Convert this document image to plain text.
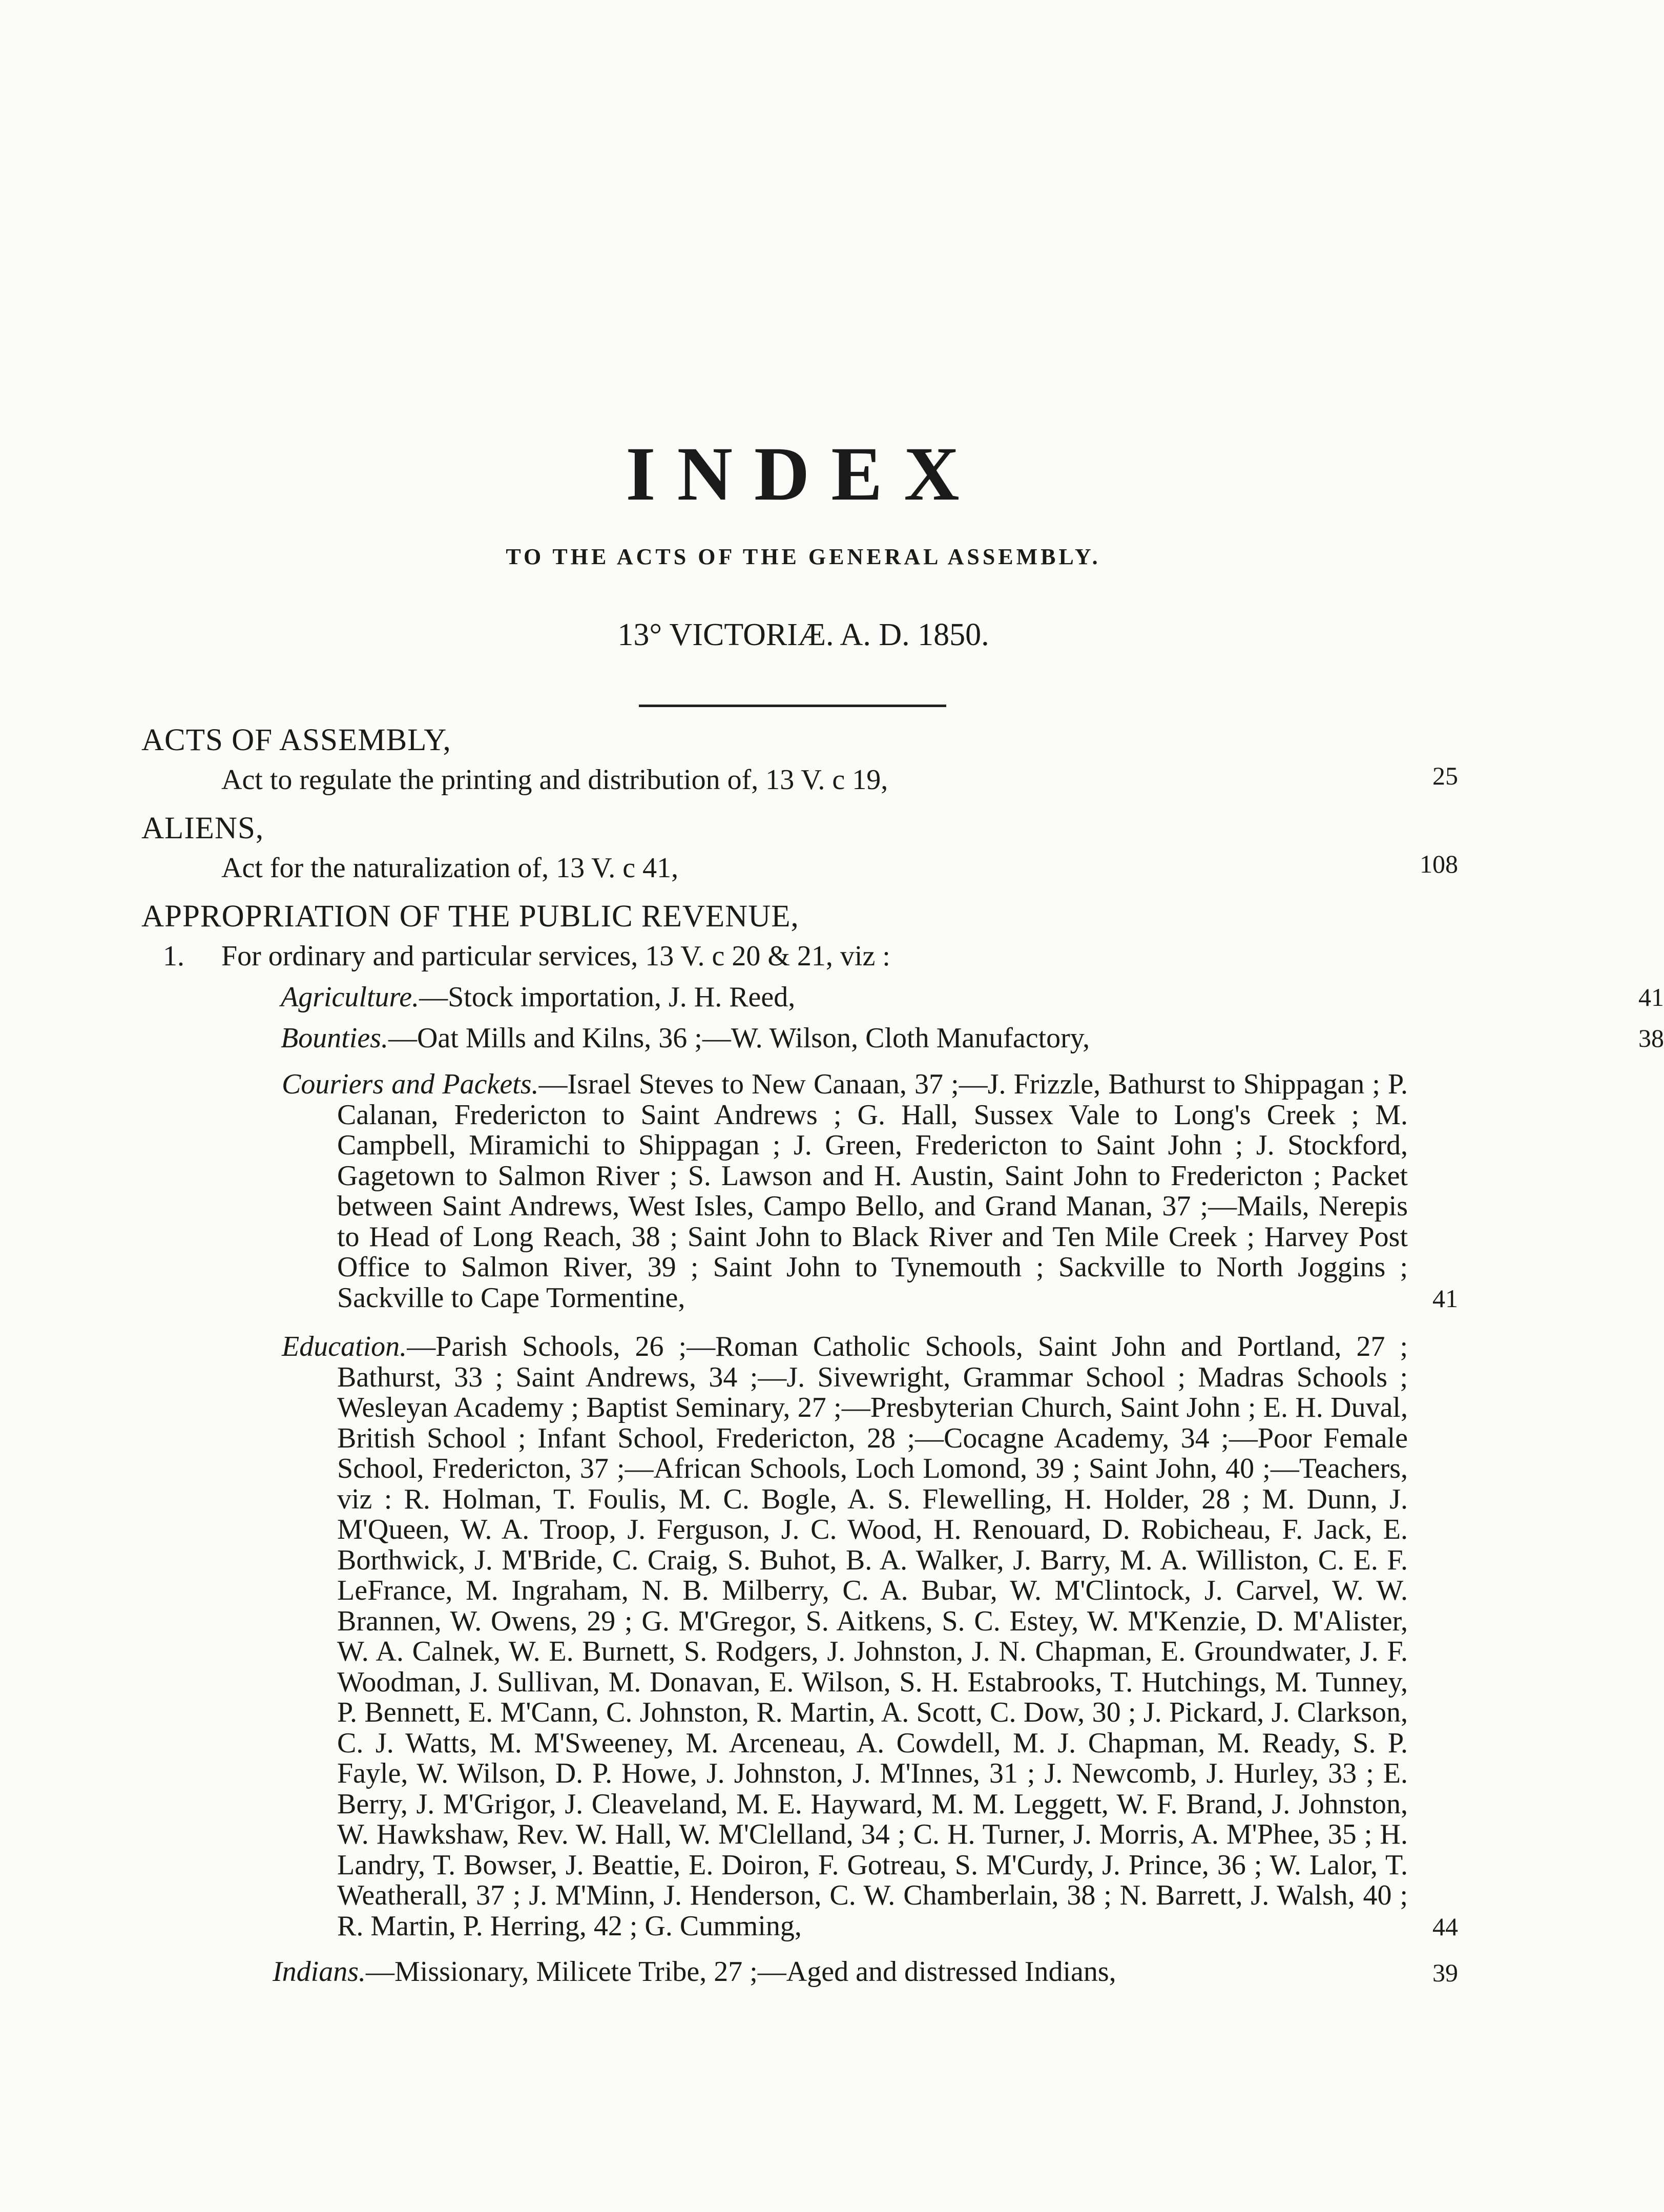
INDEX
TO THE ACTS OF THE GENERAL ASSEMBLY.
13° VICTORIÆ. A. D. 1850.
ACTS OF ASSEMBLY,
Act to regulate the printing and distribution of, 13 V. c 19,	25
ALIENS,
Act for the naturalization of, 13 V. c 41,	108
APPROPRIATION OF THE PUBLIC REVENUE,
1. For ordinary and particular services, 13 V. c 20 & 21, viz :
Agriculture.—Stock importation, J. H. Reed,	41
Bounties.—Oat Mills and Kilns, 36 ;—W. Wilson, Cloth Manufactory,	38

Couriers and Packets.—Israel Steves to New Canaan, 37 ;—J. Frizzle, Bathurst to Shippagan ; P. Calanan, Fredericton to Saint Andrews ; G. Hall, Sussex Vale to Long's Creek ; M. Campbell, Miramichi to Shippagan ; J. Green, Fredericton to Saint John ; J. Stockford, Gagetown to Salmon River ; S. Lawson and H. Austin, Saint John to Fredericton ; Packet between Saint Andrews, West Isles, Campo Bello, and Grand Manan, 37 ;—Mails, Nerepis to Head of Long Reach, 38 ; Saint John to Black River and Ten Mile Creek ; Harvey Post Office to Salmon River, 39 ; Saint John to Tynemouth ; Sackville to North Joggins ; Sackville to Cape Tormentine,	41

Education.—Parish Schools, 26 ;—Roman Catholic Schools, Saint John and Portland, 27 ; Bathurst, 33 ; Saint Andrews, 34 ;—J. Sivewright, Grammar School ; Madras Schools ; Wesleyan Academy ; Baptist Seminary, 27 ;—Presbyterian Church, Saint John ; E. H. Duval, British School ; Infant School, Fredericton, 28 ;—Cocagne Academy, 34 ;—Poor Female School, Fredericton, 37 ;—African Schools, Loch Lomond, 39 ; Saint John, 40 ;—Teachers, viz : R. Holman, T. Foulis, M. C. Bogle, A. S. Flewelling, H. Holder, 28 ; M. Dunn, J. M'Queen, W. A. Troop, J. Ferguson, J. C. Wood, H. Renouard, D. Robicheau, F. Jack, E. Borthwick, J. M'Bride, C. Craig, S. Buhot, B. A. Walker, J. Barry, M. A. Williston, C. E. F. LeFrance, M. Ingraham, N. B. Milberry, C. A. Bubar, W. M'Clintock, J. Carvel, W. W. Brannen, W. Owens, 29 ; G. M'Gregor, S. Aitkens, S. C. Estey, W. M'Kenzie, D. M'Alister, W. A. Calnek, W. E. Burnett, S. Rodgers, J. Johnston, J. N. Chapman, E. Groundwater, J. F. Woodman, J. Sullivan, M. Donavan, E. Wilson, S. H. Estabrooks, T. Hutchings, M. Tunney, P. Bennett, E. M'Cann, C. Johnston, R. Martin, A. Scott, C. Dow, 30 ; J. Pickard, J. Clarkson, C. J. Watts, M. M'Sweeney, M. Arceneau, A. Cowdell, M. J. Chapman, M. Ready, S. P. Fayle, W. Wilson, D. P. Howe, J. Johnston, J. M'Innes, 31 ; J. Newcomb, J. Hurley, 33 ; E. Berry, J. M'Grigor, J. Cleaveland, M. E. Hayward, M. M. Leggett, W. F. Brand, J. Johnston, W. Hawkshaw, Rev. W. Hall, W. M'Clelland, 34 ; C. H. Turner, J. Morris, A. M'Phee, 35 ; H. Landry, T. Bowser, J. Beattie, E. Doiron, F. Gotreau, S. M'Curdy, J. Prince, 36 ; W. Lalor, T. Weatherall, 37 ; J. M'Minn, J. Henderson, C. W. Chamberlain, 38 ; N. Barrett, J. Walsh, 40 ; R. Martin, P. Herring, 42 ; G. Cumming,	44

Indians.—Missionary, Milicete Tribe, 27 ;—Aged and distressed Indians,	39
